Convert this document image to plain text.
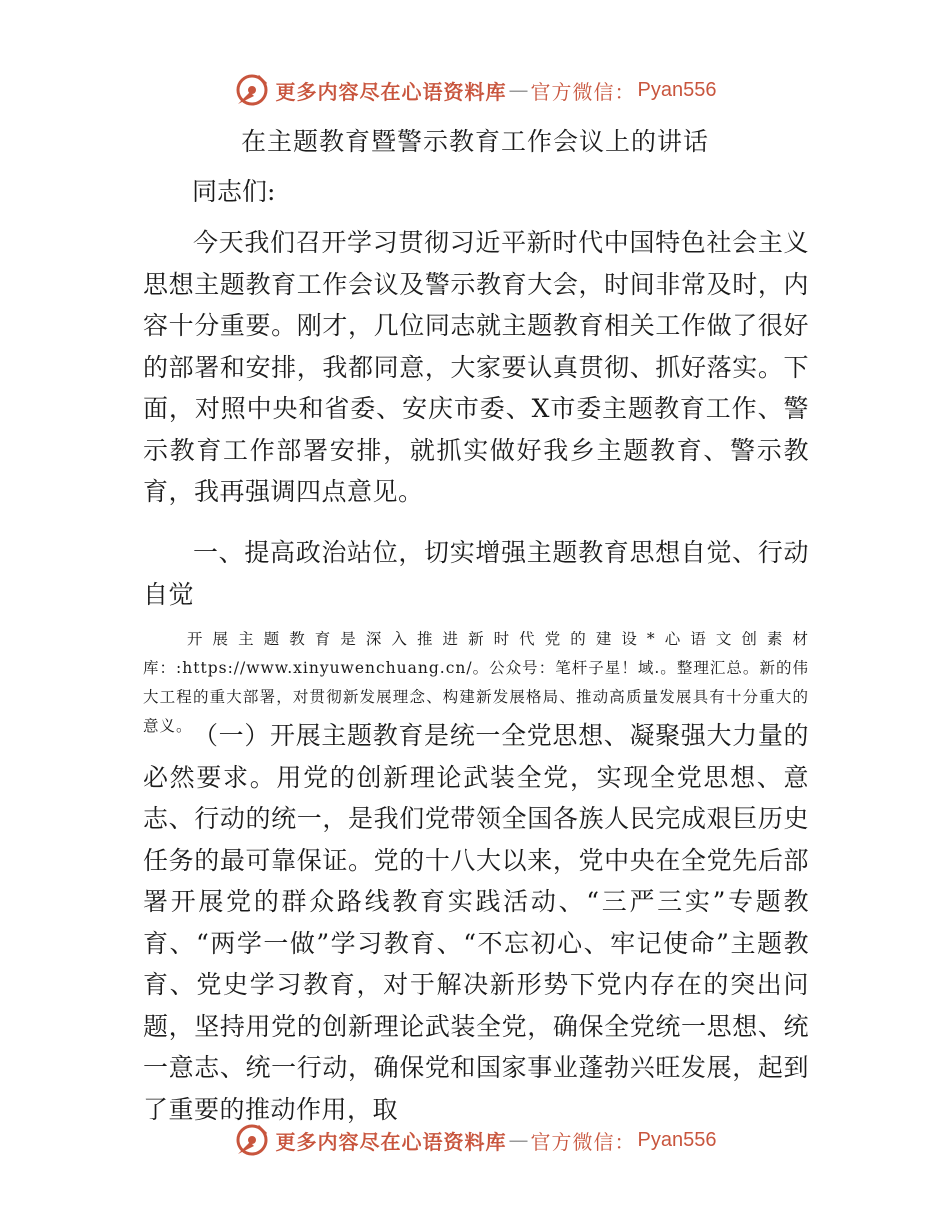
更多内容尽在心语资料库 — 官方微信： Pyan556
在主题教育暨警示教育工作会议上的讲话
同志们:

今天我们召开学习贯彻习近平新时代中国特色社会主义思想主题教育工作会议及警示教育大会，时间非常及时，内容十分重要。刚才，几位同志就主题教育相关工作做了很好的部署和安排，我都同意，大家要认真贯彻、抓好落实。下面，对照中央和省委、安庆市委、X市委主题教育工作、警示教育工作部署安排，就抓实做好我乡主题教育、警示教育，我再强调四点意见。

一、提高政治站位，切实增强主题教育思想自觉、行动自觉

开展主题教育是深入推进新时代党的建设*心语文创素材库：:https://www.xinyuwenchuang.cn/。公众号：笔杆子星！域.。整理汇总。新的伟大工程的重大部署，对贯彻新发展理念、构建新发展格局、推动高质量发展具有十分重大的意义。 （一）开展主题教育是统一全党思想、凝聚强大力量的必然要求。用党的创新理论武装全党，实现全党思想、意志、行动的统一，是我们党带领全国各族人民完成艰巨历史任务的最可靠保证。党的十八大以来，党中央在全党先后部署开展党的群众路线教育实践活动、“三严三实”专题教育、“两学一做”学习教育、“不忘初心、牢记使命”主题教育、党史学习教育，对于解决新形势下党内存在的突出问题，坚持用党的创新理论武装全党，确保全党统一思想、统一意志、统一行动，确保党和国家事业蓬勃兴旺发展，起到了重要的推动作用，取

更多内容尽在心语资料库 — 官方微信： Pyan556
